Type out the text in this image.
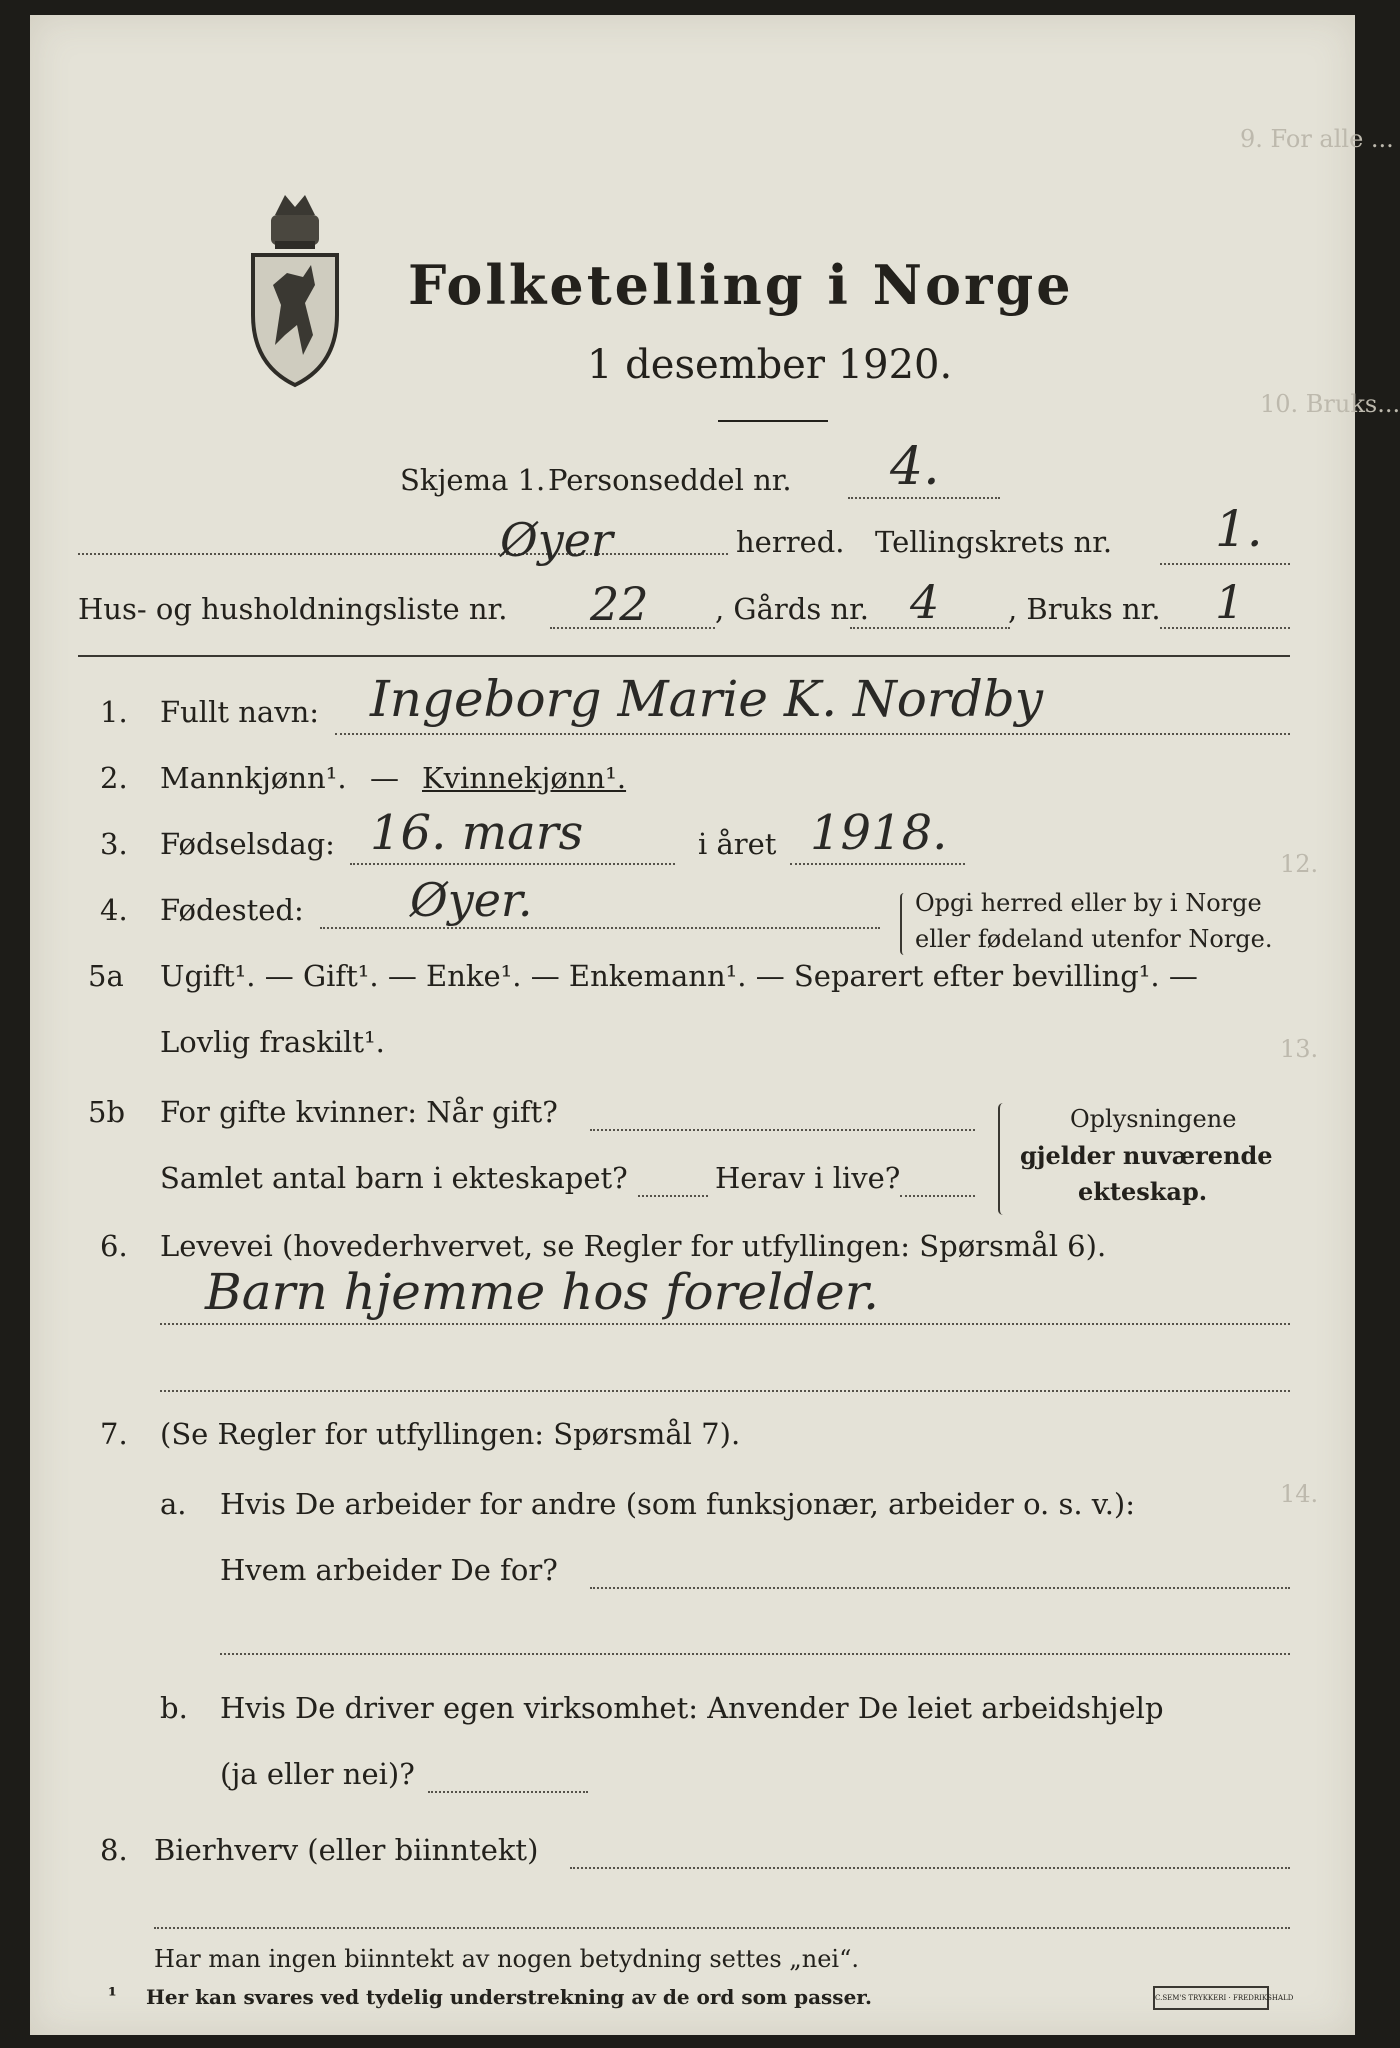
9. For alle ...
10. Bruks...
12.
13.
14.
Folketelling i Norge
1 desember 1920.
Skjema 1. Personseddel nr. 4.
Øyer	herred. Tellingskrets nr. 1.
Hus- og husholdningsliste nr. 22 , Gårds nr. 4 , Bruks nr. 1
1. Fullt navn: Ingeborg Marie K. Nordby
2. Mannkjønn¹. — Kvinnekjønn¹.
3. Fødselsdag: 16. mars	i året 1918.
4. Fødested: Øyer.	Opgi herred eller by i Norge
eller fødeland utenfor Norge.
5a Ugift¹. — Gift¹. — Enke¹. — Enkemann¹. — Separert efter bevilling¹. —
Lovlig fraskilt¹.
5b For gifte kvinner: Når gift?
Samlet antal barn i ekteskapet?	Herav i live?
Oplysningene
gjelder nuværende
ekteskap.
6. Levevei (hovederhvervet, se Regler for utfyllingen: Spørsmål 6).
Barn hjemme hos forelder.
7. (Se Regler for utfyllingen: Spørsmål 7).
a. Hvis De arbeider for andre (som funksjonær, arbeider o. s. v.):
Hvem arbeider De for?
b. Hvis De driver egen virksomhet: Anvender De leiet arbeidshjelp
(ja eller nei)?
8. Bierhverv (eller biinntekt)
Har man ingen biinntekt av nogen betydning settes „nei“.
¹ Her kan svares ved tydelig understrekning av de ord som passer.	C.SEM'S TRYKKERI · FREDRIKSHALD
